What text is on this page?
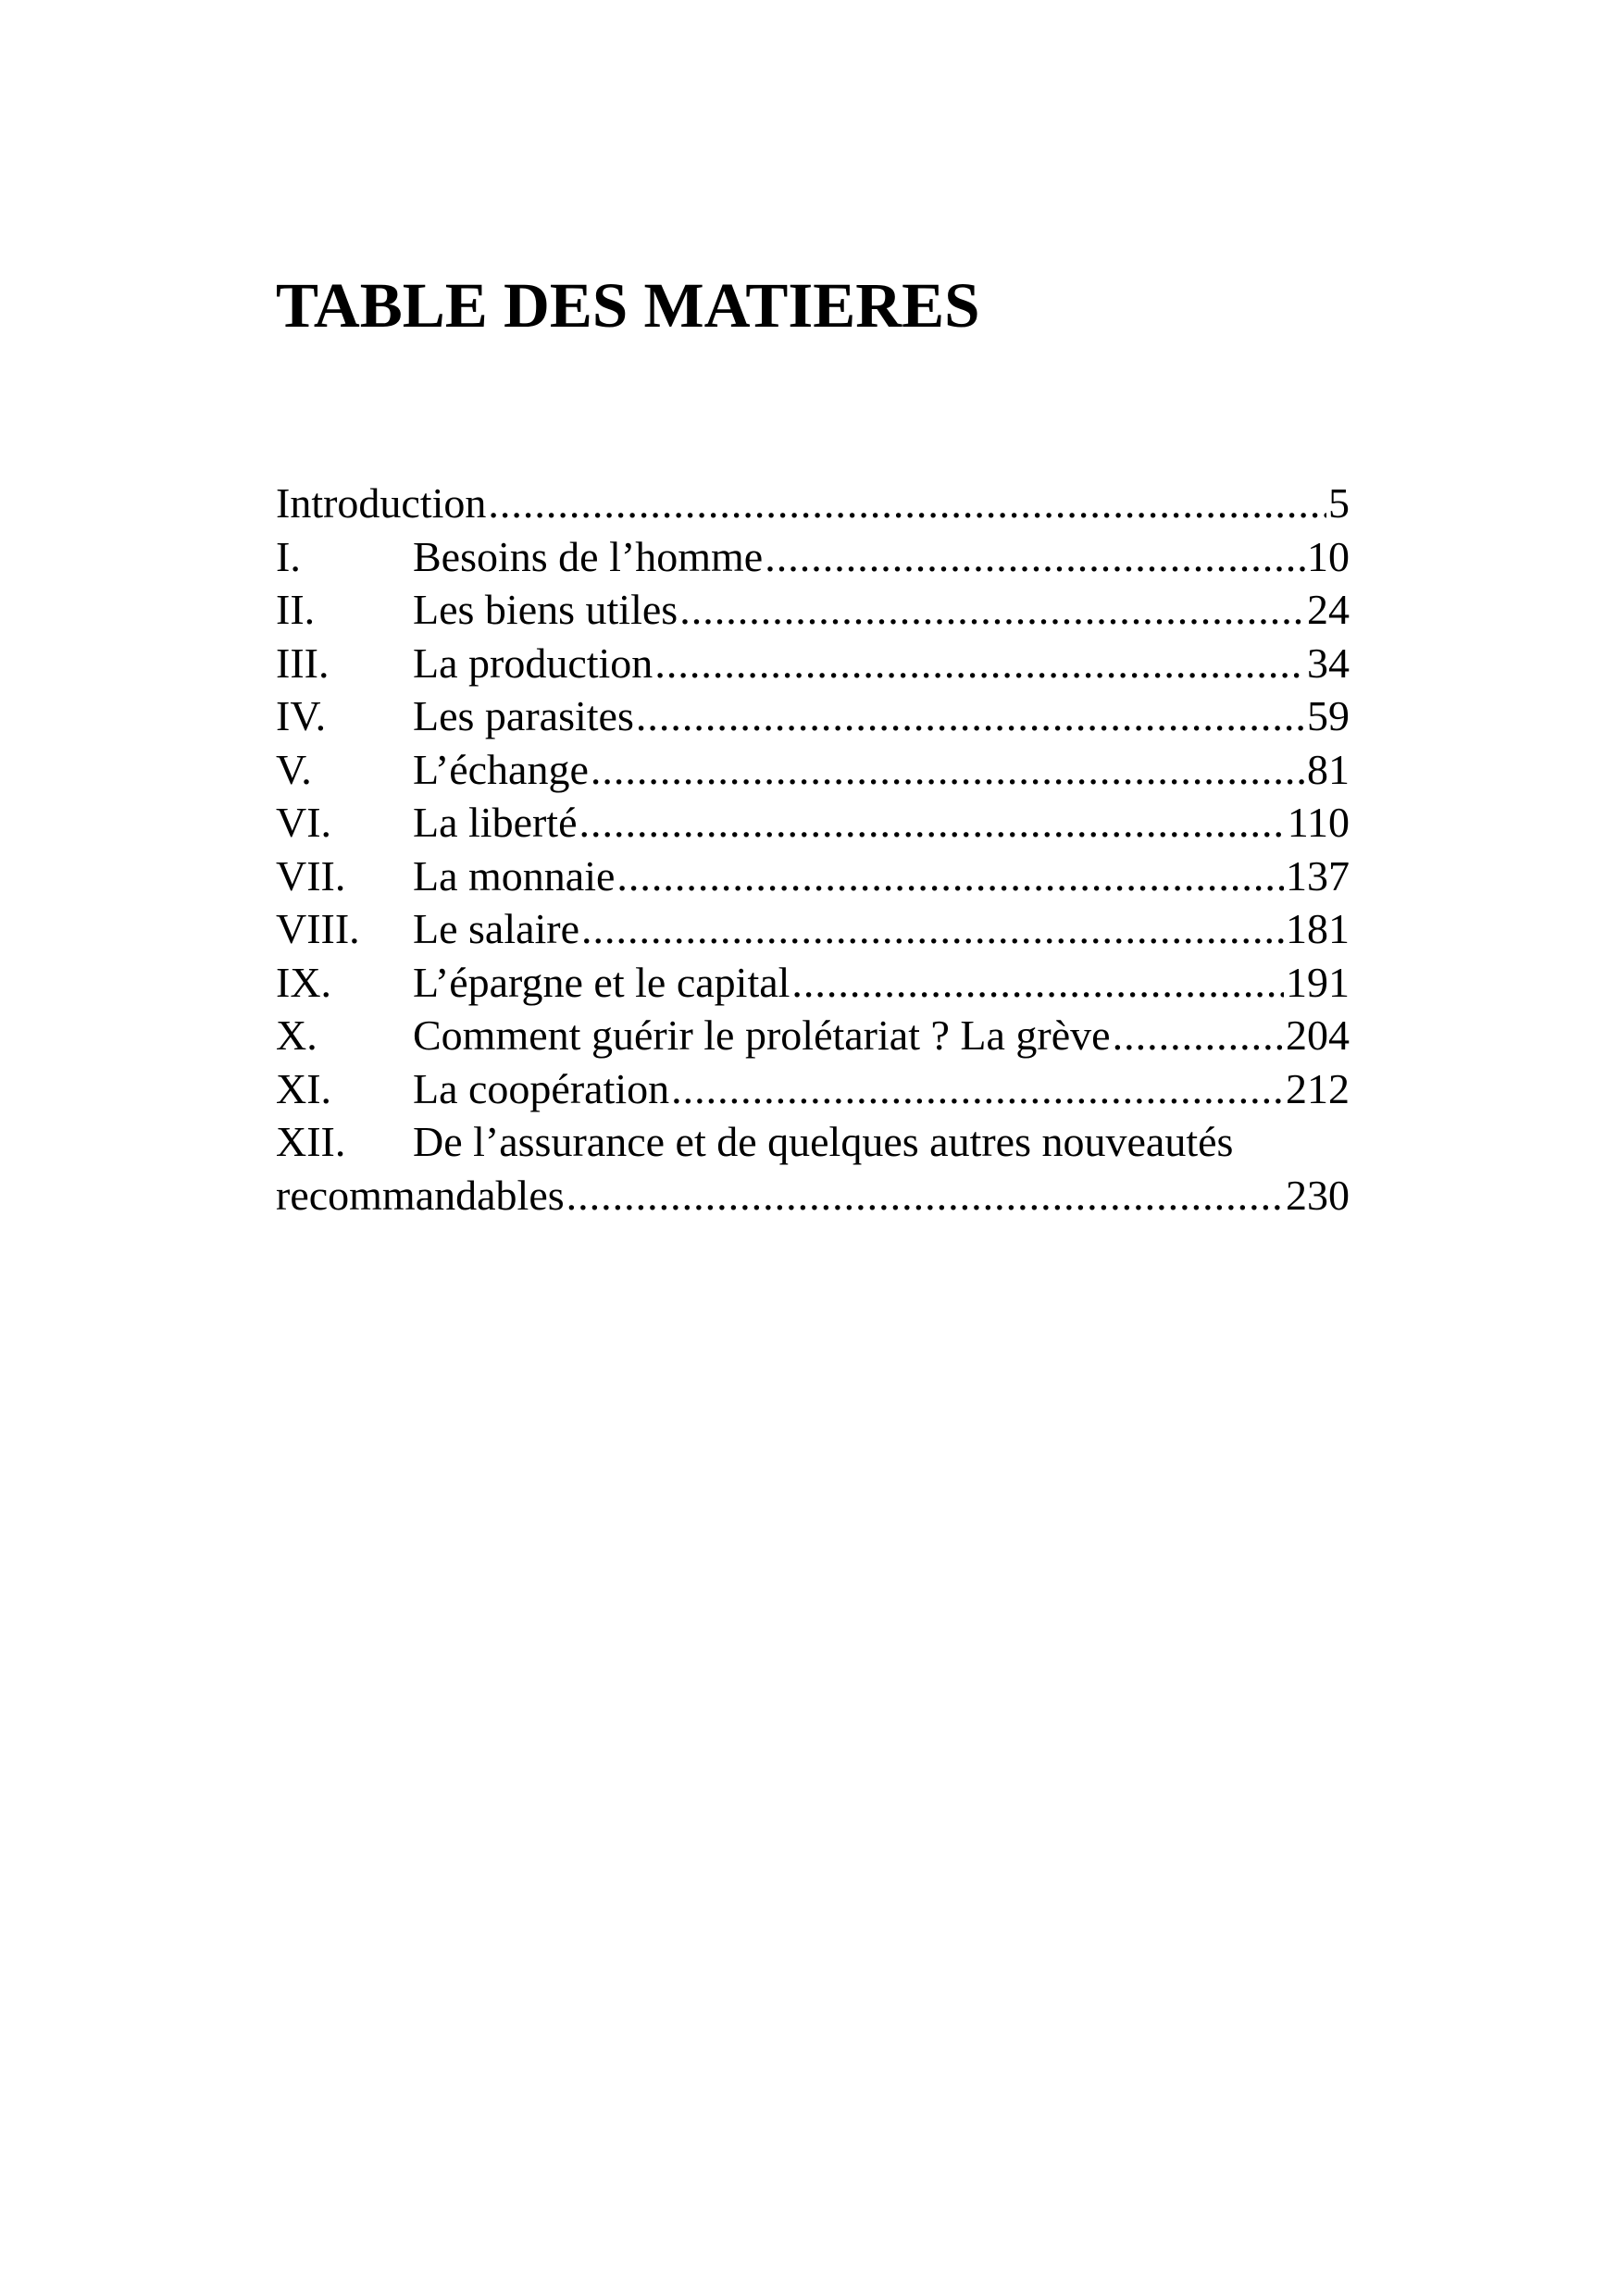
TABLE DES MATIERES
Introduction .....	5
I.	Besoins de l’homme .....	10
II.	Les biens utiles .....	24
III.	La production .....	34
IV.	Les parasites .....	59
V.	L’échange .....	81
VI.	La liberté .....	110
VII.	La monnaie .....	137
VIII.	Le salaire .....	181
IX.	L’épargne et le capital .....	191
X.	Comment guérir le prolétariat ? La grève .....	204
XI.	La coopération .....	212
XII.	De l’assurance et de quelques autres nouveautés
recommandables .....	230
